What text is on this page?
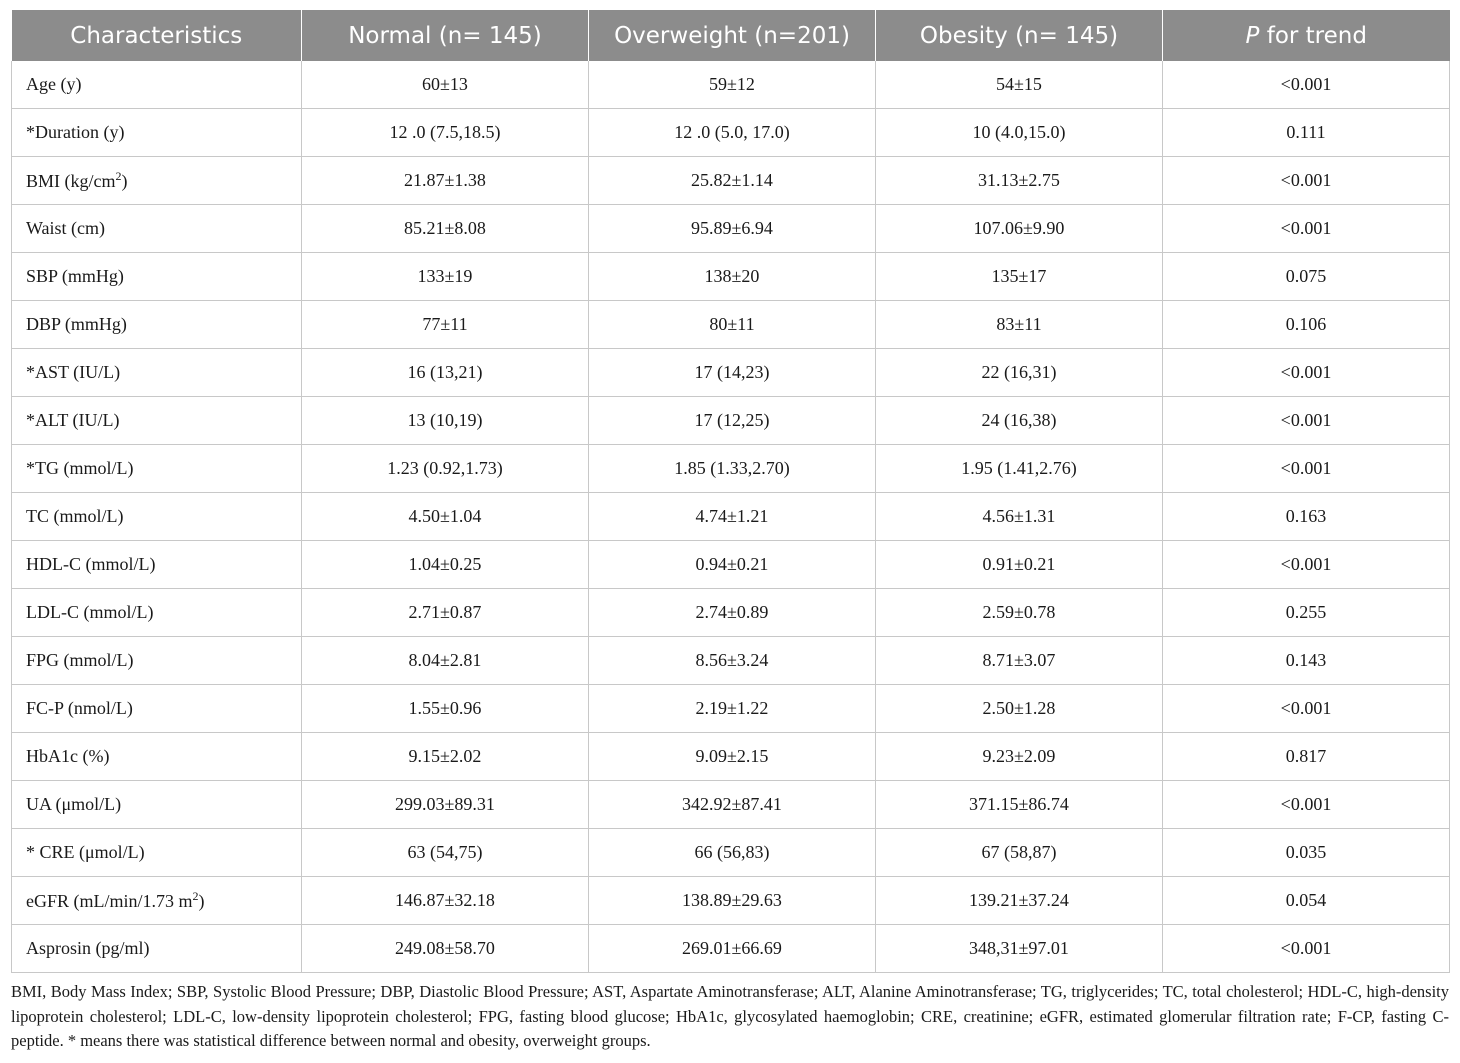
Characteristics	Normal (n= 145)	Overweight (n=201)	Obesity (n= 145)	P for trend
Age (y)	60±13	59±12	54±15	<0.001
*Duration (y)	12 .0 (7.5,18.5)	12 .0 (5.0, 17.0)	10 (4.0,15.0)	0.111
BMI $(kg/cm^2)$	21.87±1.38	25.82±1.14	31.13±2.75	<0.001
Waist (cm)	85.21±8.08	95.89±6.94	107.06±9.90	<0.001
SBP (mmHg)	133±19	138±20	135±17	0.075
DBP (mmHg)	77±11	80±11	83±11	0.106
*AST (IU/L)	16 (13,21)	17 (14,23)	22 (16,31)	<0.001
*ALT (IU/L)	13 (10,19)	17 (12,25)	24 (16,38)	<0.001
*TG (mmol/L)	1.23 (0.92,1.73)	1.85 (1.33,2.70)	1.95 (1.41,2.76)	<0.001
TC (mmol/L)	4.50±1.04	4.74±1.21	4.56±1.31	0.163
HDL-C (mmol/L)	1.04±0.25	0.94±0.21	0.91±0.21	<0.001
LDL-C (mmol/L)	2.71±0.87	2.74±0.89	2.59±0.78	0.255
FPG (mmol/L)	8.04±2.81	8.56±3.24	8.71±3.07	0.143
FC-P (nmol/L)	1.55±0.96	2.19±1.22	2.50±1.28	<0.001
HbA1c (%)	9.15±2.02	9.09±2.15	9.23±2.09	0.817
UA (μmol/L)	299.03±89.31	342.92±87.41	371.15±86.74	<0.001
* CRE (μmol/L)	63 (54,75)	66 (56,83)	67 (58,87)	0.035
eGFR (mL/min/1.73 $m^2$)	146.87±32.18	138.89±29.63	139.21±37.24	0.054
Asprosin (pg/ml)	249.08±58.70	269.01±66.69	348,31±97.01	<0.001

BMI, Body Mass Index; SBP, Systolic Blood Pressure; DBP, Diastolic Blood Pressure; AST, Aspartate Aminotransferase; ALT, Alanine Aminotransferase; TG, triglycerides; TC, total cholesterol; HDL-C, high-density lipoprotein cholesterol; LDL-C, low-density lipoprotein cholesterol; FPG, fasting blood glucose; HbA1c, glycosylated haemoglobin; CRE, creatinine; eGFR, estimated glomerular filtration rate; F-CP, fasting C-peptide. * means there was statistical difference between normal and obesity, overweight groups.
